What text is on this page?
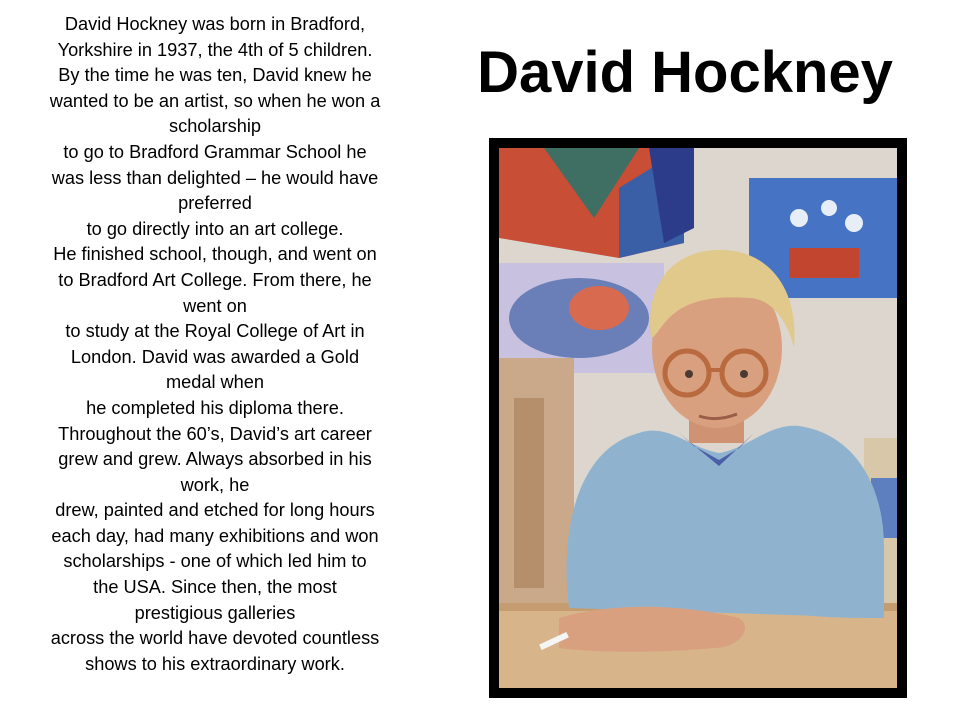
David Hockney was born in Bradford,
Yorkshire in 1937, the 4th of 5 children.
By the time he was ten, David knew he
wanted to be an artist, so when he won a
scholarship
to go to Bradford Grammar School he
was less than delighted – he would have
preferred
to go directly into an art college.
He finished school, though, and went on
to Bradford Art College. From there, he
went on
to study at the Royal College of Art in
London. David was awarded a Gold
medal when
he completed his diploma there.
Throughout the 60’s, David’s art career
grew and grew. Always absorbed in his
work, he
drew, painted and etched for long hours
each day, had many exhibitions and won
scholarships - one of which led him to
the USA. Since then, the most
prestigious galleries
across the world have devoted countless
shows to his extraordinary work.
David Hockney
